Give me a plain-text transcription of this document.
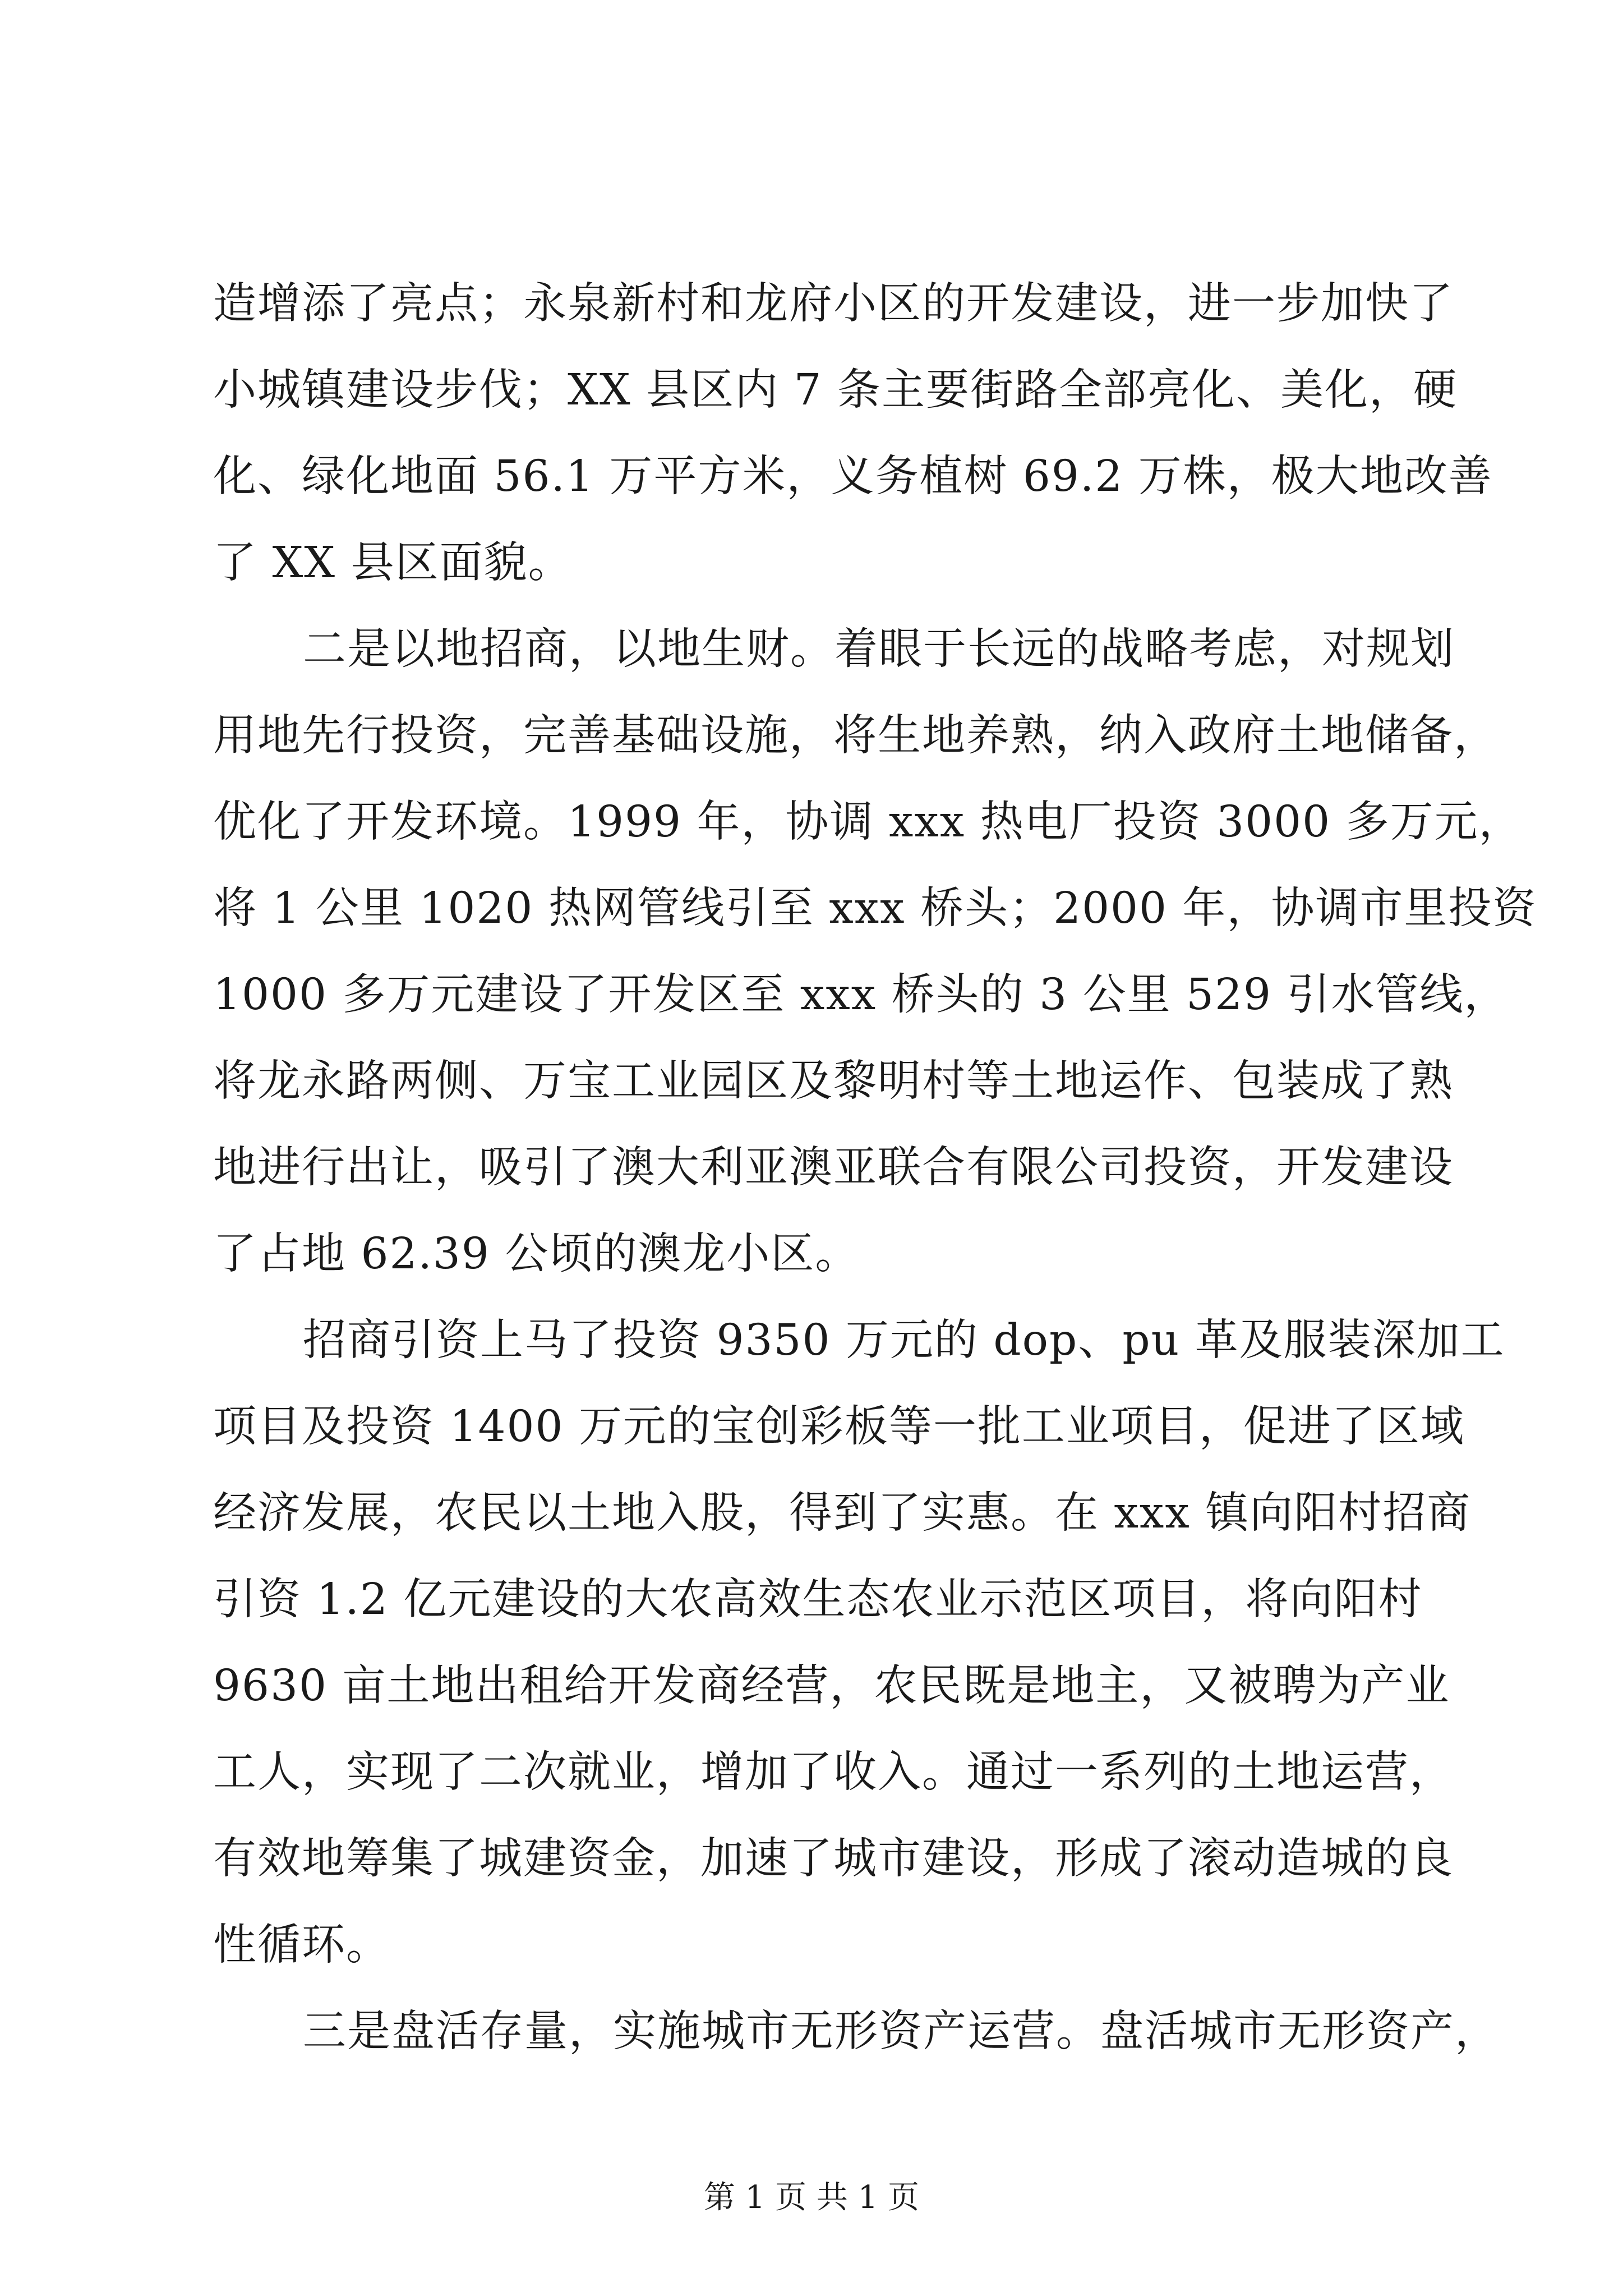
造增添了亮点；永泉新村和龙府小区的开发建设，进一步加快了
小城镇建设步伐；XX 县区内 7 条主要街路全部亮化、美化，硬
化、绿化地面 56.1 万平方米，义务植树 69.2 万株，极大地改善
了 XX 县区面貌。
二是以地招商，以地生财。着眼于长远的战略考虑，对规划
用地先行投资，完善基础设施，将生地养熟，纳入政府土地储备，
优化了开发环境。1999 年，协调 xxx 热电厂投资 3000 多万元，
将 1 公里 1020 热网管线引至 xxx 桥头；2000 年，协调市里投资
1000 多万元建设了开发区至 xxx 桥头的 3 公里 529 引水管线，
将龙永路两侧、万宝工业园区及黎明村等土地运作、包装成了熟
地进行出让，吸引了澳大利亚澳亚联合有限公司投资，开发建设
了占地 62.39 公顷的澳龙小区。
招商引资上马了投资 9350 万元的 dop、pu 革及服装深加工
项目及投资 1400 万元的宝创彩板等一批工业项目，促进了区域
经济发展，农民以土地入股，得到了实惠。在 xxx 镇向阳村招商
引资 1.2 亿元建设的大农高效生态农业示范区项目，将向阳村
9630 亩土地出租给开发商经营，农民既是地主，又被聘为产业
工人，实现了二次就业，增加了收入。通过一系列的土地运营，
有效地筹集了城建资金，加速了城市建设，形成了滚动造城的良
性循环。
三是盘活存量，实施城市无形资产运营。盘活城市无形资产，
第 1 页 共 1 页
